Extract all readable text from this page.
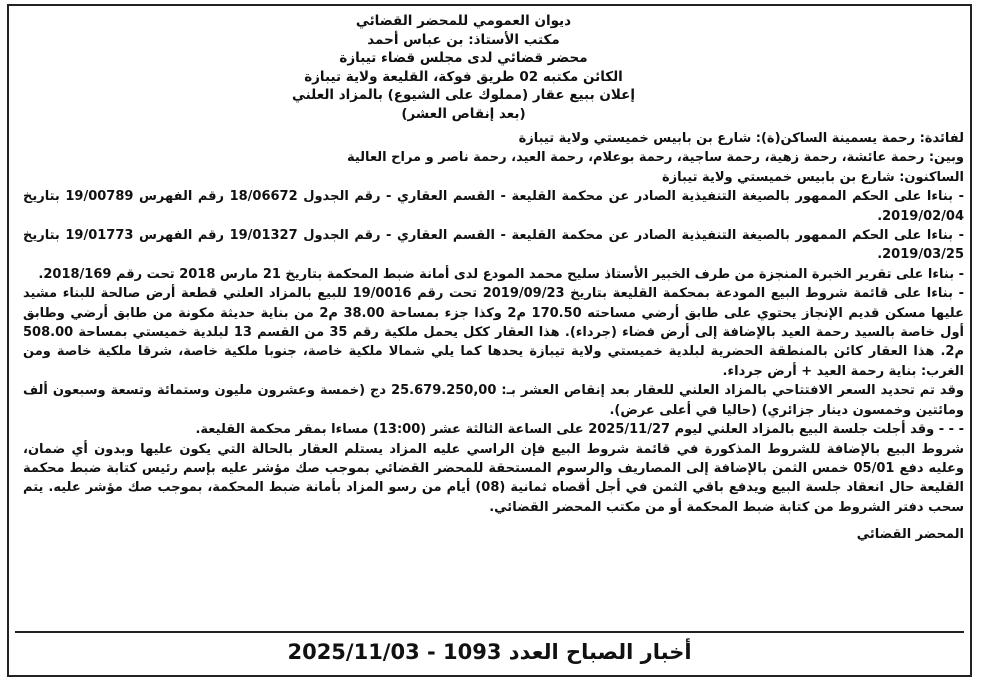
ديوان العمومي للمحضر القضائي
مكتب الأستاذ: بن عباس أحمد
محضر قضائي لدى مجلس قضاء تيبازة
الكائن مكتبه 02 طريق فوكة، القليعة ولاية تيبازة
إعلان ببيع عقار (مملوك على الشيوع) بالمزاد العلني
(بعد إنقاص العشر)

لفائدة: رحمة يسمينة الساكن(ة): شارع بن بابيس خميستي ولاية تيبازة

وبين: رحمة عائشة، رحمة زهية، رحمة ساجية، رحمة بوعلام، رحمة العيد، رحمة ناصر و مراح العالية

الساكنون: شارع بن بابيس خميستي ولاية تيبازة

- بناءا على الحكم الممهور بالصيغة التنفيذية الصادر عن محكمة القليعة - القسم العقاري - رقم الجدول 18/06672 رقم الفهرس 19/00789 بتاريخ 2019/02/04.

- بناءا على الحكم الممهور بالصيغة التنفيذية الصادر عن محكمة القليعة - القسم العقاري - رقم الجدول 19/01327 رقم الفهرس 19/01773 بتاريخ 2019/03/25.

- بناءا على تقرير الخبرة المنجزة من طرف الخبير الأستاذ سليح محمد المودع لدى أمانة ضبط المحكمة بتاريخ 21 مارس 2018 تحت رقم 2018/169.

- بناءا على قائمة شروط البيع المودعة بمحكمة القليعة بتاريخ 2019/09/23 تحت رقم 19/0016 للبيع بالمزاد العلني قطعة أرض صالحة للبناء مشيد عليها مسكن قديم الإنجاز يحتوي على طابق أرضي مساحته 170.50 م2 وكذا جزء بمساحة 38.00 م2 من بناية حديثة مكونة من طابق أرضي وطابق أول خاصة بالسيد رحمة العيد بالإضافة إلى أرض فضاء (جرداء). هذا العقار ككل يحمل ملكية رقم 35 من القسم 13 لبلدية خميستي بمساحة 508.00 م2. هذا العقار كائن بالمنطقة الحضرية لبلدية خميستي ولاية تيبازة يحدها كما يلي شمالا ملكية خاصة، جنوبا ملكية خاصة، شرقا ملكية خاصة ومن الغرب: بناية رحمة العيد + أرض جرداء.

وقد تم تحديد السعر الافتتاحي بالمزاد العلني للعقار بعد إنقاص العشر بـ: 25.679.250,00 دج (خمسة وعشرون مليون وستمائة وتسعة وسبعون ألف ومائتين وخمسون دينار جزائري) (حاليا في أعلى عرض).

- - - وقد أجلت جلسة البيع بالمزاد العلني ليوم 2025/11/27 على الساعة الثالثة عشر (13:00) مساءا بمقر محكمة القليعة.

شروط البيع بالإضافة للشروط المذكورة في قائمة شروط البيع فإن الراسي عليه المزاد يستلم العقار بالحالة التي يكون عليها وبدون أي ضمان، وعليه دفع 05/01 خمس الثمن بالإضافة إلى المصاريف والرسوم المستحقة للمحضر القضائي بموجب صك مؤشر عليه بإسم رئيس كتابة ضبط محكمة القليعة حال انعقاد جلسة البيع ويدفع باقي الثمن في أجل أقصاه ثمانية (08) أيام من رسو المزاد بأمانة ضبط المحكمة، بموجب صك مؤشر عليه. يتم سحب دفتر الشروط من كتابة ضبط المحكمة أو من مكتب المحضر القضائي.

المحضر القضائي
أخبار الصباح العدد 1093 - 2025/11/03
